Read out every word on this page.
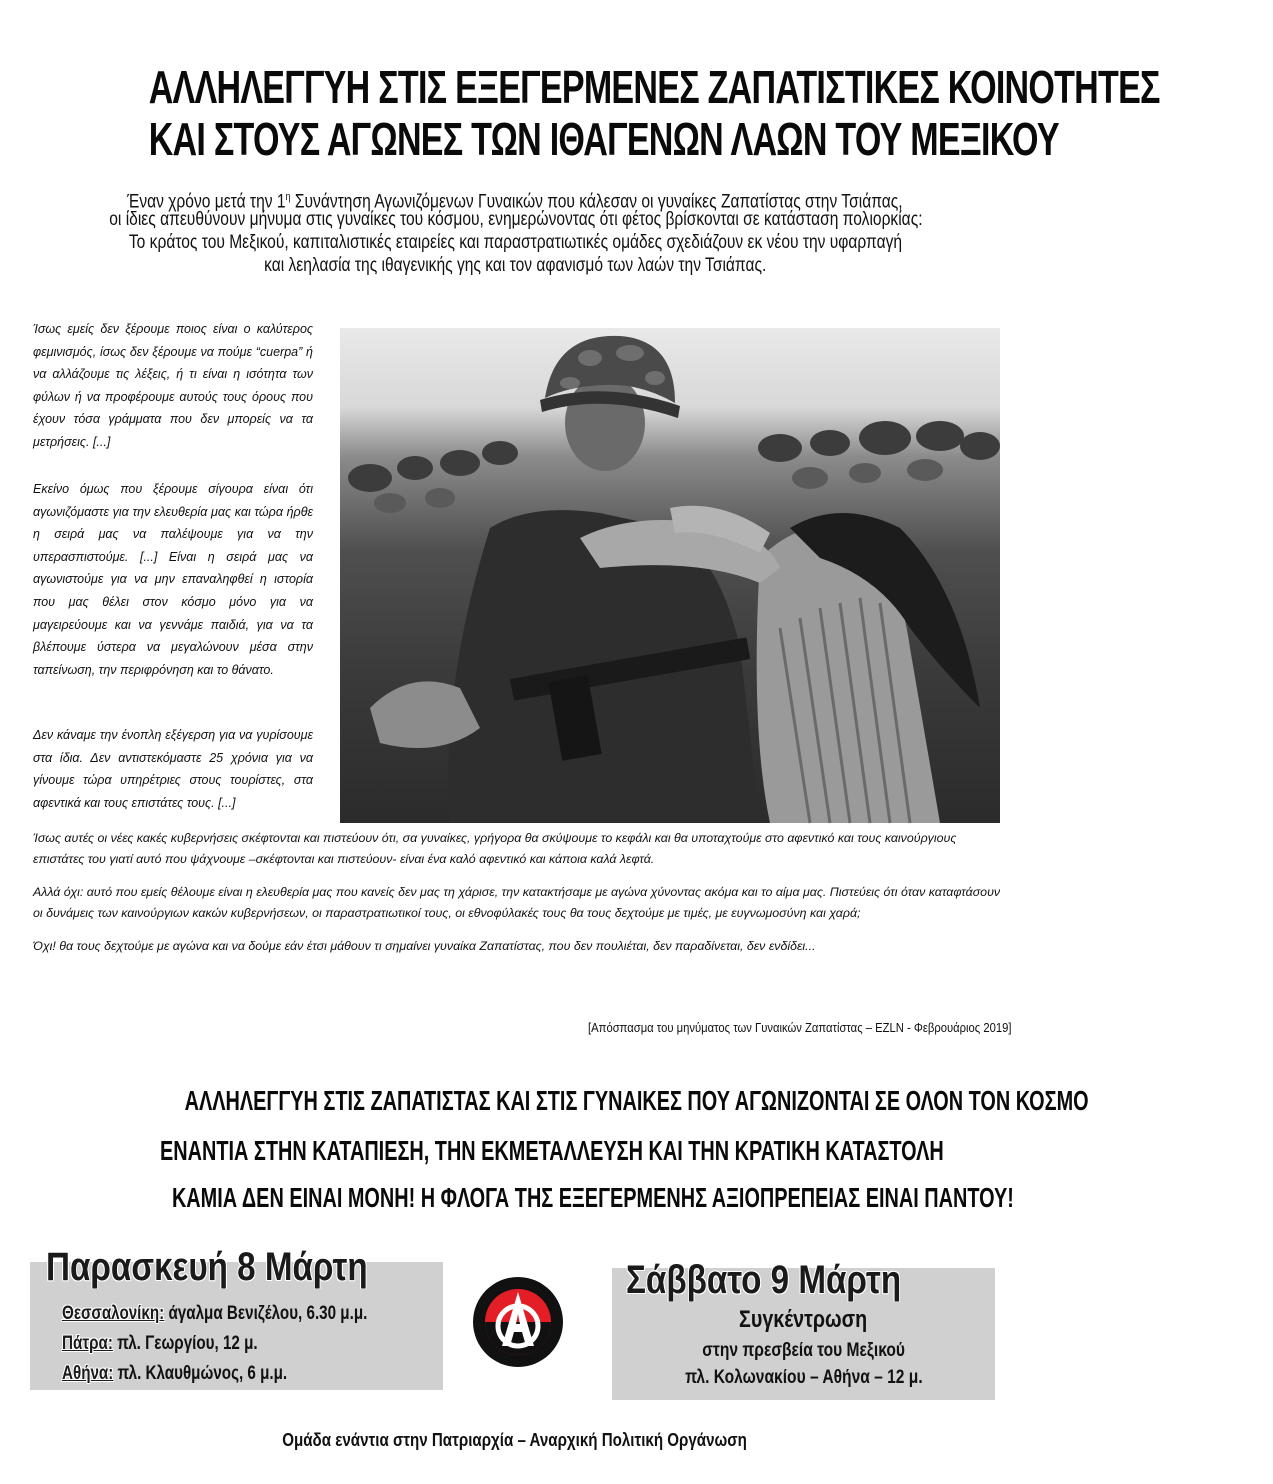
ΑΛΛΗΛΕΓΓΥΗ ΣΤΙΣ ΕΞΕΓΕΡΜΕΝΕΣ ΖΑΠΑΤΙΣΤΙΚΕΣ ΚΟΙΝΟΤΗΤΕΣ
ΚΑΙ ΣΤΟΥΣ ΑΓΩΝΕΣ ΤΩΝ ΙΘΑΓΕΝΩΝ ΛΑΩΝ ΤΟΥ ΜΕΞΙΚΟΥ
Έναν χρόνο μετά την $1^\eta$ Συνάντηση Αγωνιζόμενων Γυναικών που κάλεσαν οι γυναίκες Ζαπατίστας στην Τσιάπας,
οι ίδιες απευθύνουν μήνυμα στις γυναίκες του κόσμου, ενημερώνοντας ότι φέτος βρίσκονται σε κατάσταση πολιορκίας:
Το κράτος του Μεξικού, καπιταλιστικές εταιρείες και παραστρατιωτικές ομάδες σχεδιάζουν εκ νέου την υφαρπαγή
και λεηλασία της ιθαγενικής γης και τον αφανισμό των λαών την Τσιάπας.
Ίσως εμείς δεν ξέρουμε ποιος είναι ο καλύτερος φεμινισμός, ίσως δεν ξέρουμε να πούμε “cuerpa” ή να αλλάζουμε τις λέξεις, ή τι είναι η ισότητα των φύλων ή να προφέρουμε αυτούς τους όρους που έχουν τόσα γράμματα που δεν μπορείς να τα μετρήσεις. [...]
Εκείνο όμως που ξέρουμε σίγουρα είναι ότι αγωνιζόμαστε για την ελευθερία μας και τώρα ήρθε η σειρά μας να παλέψουμε για να την υπερασπιστούμε. [...] Είναι η σειρά μας να αγωνιστούμε για να μην επαναληφθεί η ιστορία που μας θέλει στον κόσμο μόνο για να μαγειρεύουμε και να γεννάμε παιδιά, για να τα βλέπουμε ύστερα να μεγαλώνουν μέσα στην ταπείνωση, την περιφρόνηση και το θάνατο.
Δεν κάναμε την ένοπλη εξέγερση για να γυρίσουμε στα ίδια. Δεν αντιστεκόμαστε 25 χρόνια για να γίνουμε τώρα υπηρέτριες στους τουρίστες, στα αφεντικά και τους επιστάτες τους. [...]
Ίσως αυτές οι νέες κακές κυβερνήσεις σκέφτονται και πιστεύουν ότι, σα γυναίκες, γρήγορα θα σκύψουμε το κεφάλι και θα υποταχτούμε στο αφεντικό και τους καινούργιους επιστάτες του γιατί αυτό που ψάχνουμε –σκέφτονται και πιστεύουν- είναι ένα καλό αφεντικό και κάποια καλά λεφτά.
Αλλά όχι: αυτό που εμείς θέλουμε είναι η ελευθερία μας που κανείς δεν μας τη χάρισε, την κατακτήσαμε με αγώνα χύνοντας ακόμα και το αίμα μας. Πιστεύεις ότι όταν καταφτάσουν οι δυνάμεις των καινούργιων κακών κυβερνήσεων, οι παραστρατιωτικοί τους, οι εθνοφύλακές τους θα τους δεχτούμε με τιμές, με ευγνωμοσύνη και χαρά;
Όχι! θα τους δεχτούμε με αγώνα και να δούμε εάν έτσι μάθουν τι σημαίνει γυναίκα Ζαπατίστας, που δεν πουλιέται, δεν παραδίνεται, δεν ενδίδει...
[Απόσπασμα του μηνύματος των Γυναικών Ζαπατίστας – EZLN - Φεβρουάριος 2019]
ΑΛΛΗΛΕΓΓΥΗ ΣΤΙΣ ΖΑΠΑΤΙΣΤΑΣ ΚΑΙ ΣΤΙΣ ΓΥΝΑΙΚΕΣ ΠΟΥ ΑΓΩΝΙΖΟΝΤΑΙ ΣΕ ΟΛΟΝ ΤΟΝ ΚΟΣΜΟ
ΕΝΑΝΤΙΑ ΣΤΗΝ ΚΑΤΑΠΙΕΣΗ, ΤΗΝ ΕΚΜΕΤΑΛΛΕΥΣΗ ΚΑΙ ΤΗΝ ΚΡΑΤΙΚΗ ΚΑΤΑΣΤΟΛΗ
ΚΑΜΙΑ ΔΕΝ ΕΙΝΑΙ ΜΟΝΗ! Η ΦΛΟΓΑ ΤΗΣ ΕΞΕΓΕΡΜΕΝΗΣ ΑΞΙΟΠΡΕΠΕΙΑΣ ΕΙΝΑΙ ΠΑΝΤΟΥ!
Παρασκευή 8 Μάρτη
Θεσσαλονίκη: άγαλμα Βενιζέλου, 6.30 μ.μ.
Πάτρα: πλ. Γεωργίου, 12 μ.
Αθήνα: πλ. Κλαυθμώνος, 6 μ.μ.
Σάββατο 9 Μάρτη
Συγκέντρωση
στην πρεσβεία του Μεξικού
πλ. Κολωνακίου – Αθήνα – 12 μ.
Ομάδα ενάντια στην Πατριαρχία – Αναρχική Πολιτική Οργάνωση
